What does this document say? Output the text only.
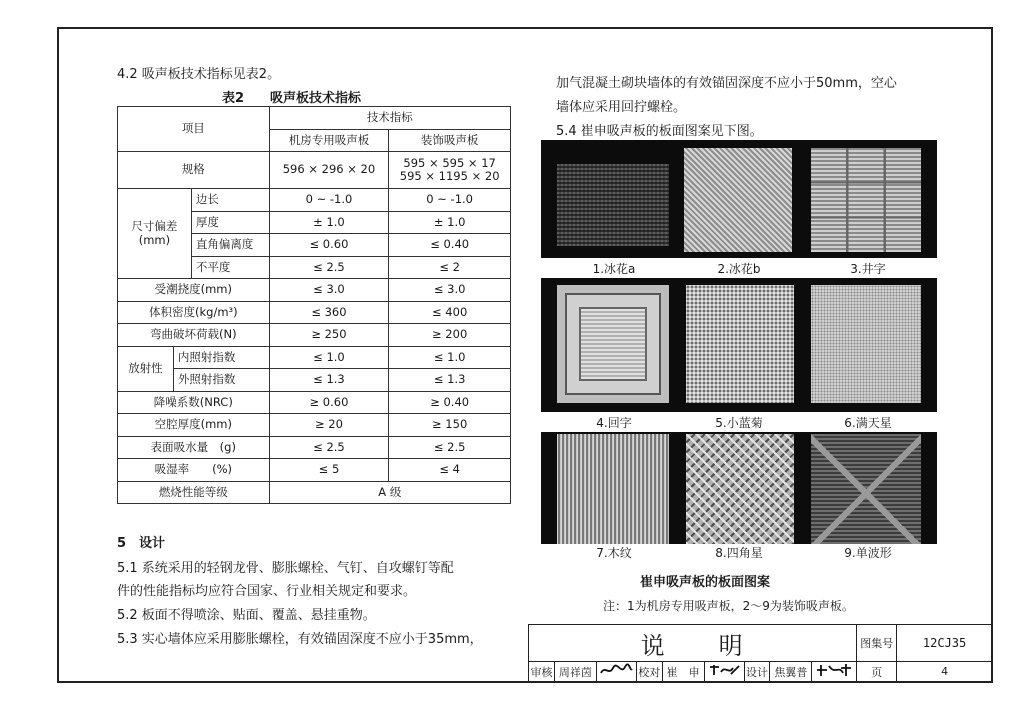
4.2 吸声板技术指标见表2。
表2　　吸声板技术指标
项目			技术指标	
			机房专用吸声板	装饰吸声板
规格			596 × 296 × 20	595 × 595 × 17
595 × 1195 × 20

尺寸偏差
(mm)		边长	0 ~ -1.0	0 ~ -1.0
		厚度	± 1.0	± 1.0
		直角偏离度	≤ 0.60	≤ 0.40
		不平度	≤ 2.5	≤ 2
受潮挠度(mm)			≤ 3.0	≤ 3.0
体积密度(kg/m³)			≤ 360	≤ 400
弯曲破坏荷载(N)			≥ 250	≥ 200
放射性	内照射指数		≤ 1.0	≤ 1.0
	外照射指数		≤ 1.3	≤ 1.3
降噪系数(NRC)			≥ 0.60	≥ 0.40
空腔厚度(mm)			≥ 20	≥ 150
表面吸水量　(g)			≤ 2.5	≤ 2.5
吸湿率　　(%)			≤ 5	≤ 4
燃烧性能等级			A 级	
5　设计
5.1 系统采用的轻钢龙骨、膨胀螺栓、气钉、自攻螺钉等配
件的性能指标均应符合国家、行业相关规定和要求。
5.2 板面不得喷涂、贴面、覆盖、悬挂重物。
5.3 实心墙体应采用膨胀螺栓，有效锚固深度不应小于35mm，
加气混凝土砌块墙体的有效锚固深度不应小于50mm，空心
墙体应采用回拧螺栓。
5.4 崔申吸声板的板面图案见下图。
1.冰花a	2.冰花b	3.井字
4.回字	5.小蓝菊	6.满天星
7.木纹	8.四角星	9.单波形
崔申吸声板的板面图案
注：1为机房专用吸声板，2～9为装饰吸声板。
说　　明									图集号	12CJ35
审核	周祥茵		校对	崔　申		设计	焦翼普		页	4
